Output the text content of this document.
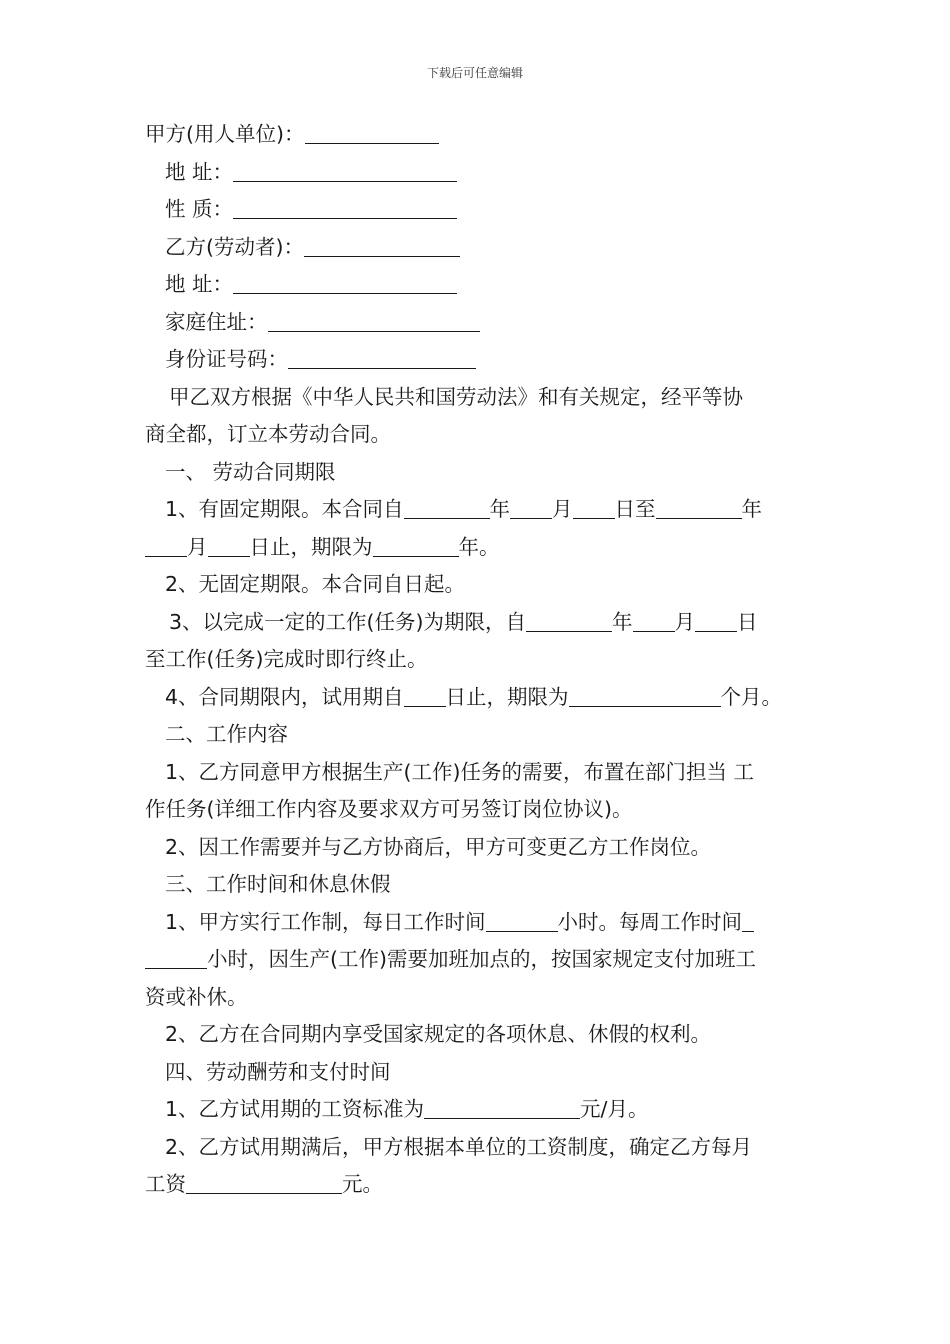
下载后可任意编辑
甲方(用人单位)：
地 址：
性 质：
乙方(劳动者)：
地 址：
家庭住址：
身份证号码：
甲乙双方根据《中华人民共和国劳动法》和有关规定，经平等协
商全都，订立本劳动合同。
一、 劳动合同期限
1、有固定期限。本合同自	年 月 日至	年
月 日止，期限为	年。
2、无固定期限。本合同自日起。
3、以完成一定的工作(任务)为期限，自	年 月 日
至工作(任务)完成时即行终止。
4、合同期限内，试用期自 日止，期限为	个月。
二、工作内容
1、乙方同意甲方根据生产(工作)任务的需要，布置在部门担当 工
作任务(详细工作内容及要求双方可另签订岗位协议)。
2、因工作需要并与乙方协商后，甲方可变更乙方工作岗位。
三、工作时间和休息休假
1、甲方实行工作制，每日工作时间	小时。每周工作时间
小时，因生产(工作)需要加班加点的，按国家规定支付加班工
资或补休。
2、乙方在合同期内享受国家规定的各项休息、休假的权利。
四、劳动酬劳和支付时间
1、乙方试用期的工资标准为	元/月。
2、乙方试用期满后，甲方根据本单位的工资制度，确定乙方每月
工资	元。
